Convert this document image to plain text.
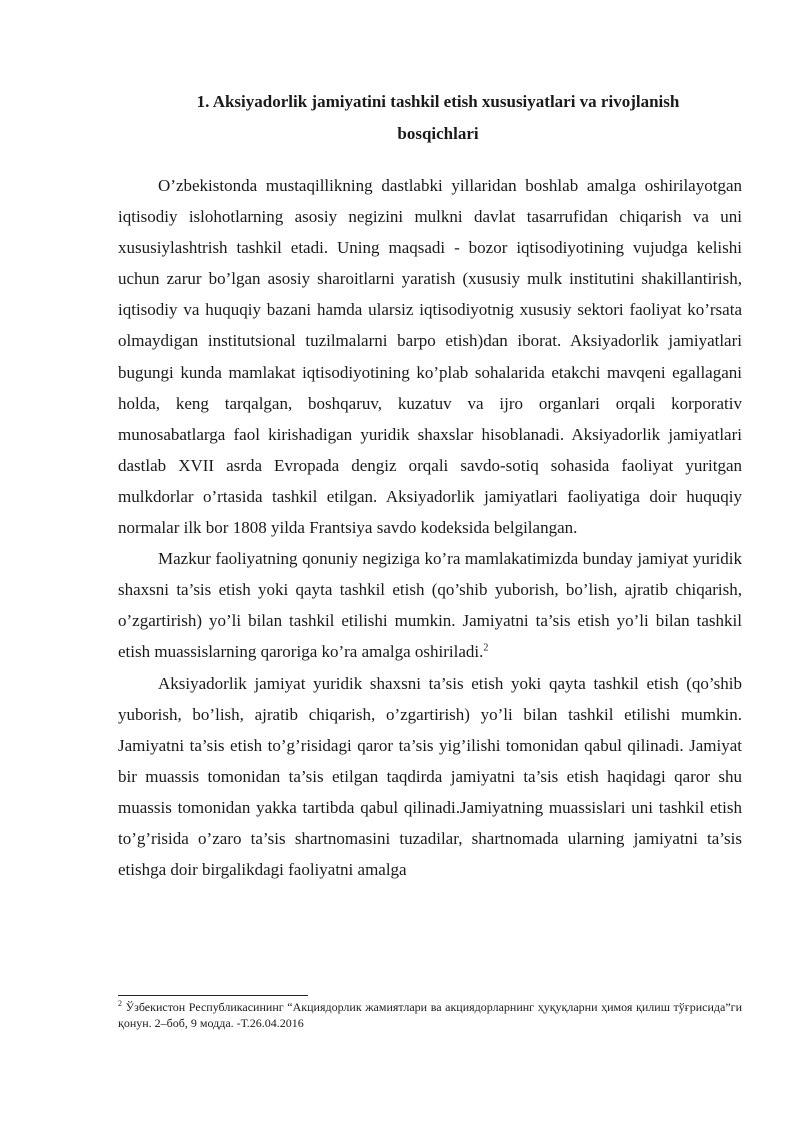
1. Aksiyadorlik jamiyatini tashkil etish xususiyatlari va rivojlanish
bosqichlari

O’zbekistonda mustaqillikning dastlabki yillaridan boshlab amalga oshirilayotgan iqtisodiy islohotlarning asosiy negizini mulkni davlat tasarrufidan chiqarish va uni xususiylashtrish tashkil etadi. Uning maqsadi - bozor iqtisodiyotining vujudga kelishi uchun zarur bo’lgan asosiy sharoitlarni yaratish (xususiy mulk institutini shakillantirish, iqtisodiy va huquqiy bazani hamda ularsiz iqtisodiyotnig xususiy sektori faoliyat ko’rsata olmaydigan institutsional tuzilmalarni barpo etish)dan iborat. Aksiyadorlik jamiyatlari bugungi kunda mamlakat iqtisodiyotining ko’plab sohalarida etakchi mavqeni egallagani holda, keng tarqalgan, boshqaruv, kuzatuv va ijro organlari orqali korporativ munosabatlarga faol kirishadigan yuridik shaxslar hisoblanadi. Aksiyadorlik jamiyatlari dastlab XVII asrda Evropada dengiz orqali savdo-sotiq sohasida faoliyat yuritgan mulkdorlar o’rtasida tashkil etilgan. Aksiyadorlik jamiyatlari faoliyatiga doir huquqiy normalar ilk bor 1808 yilda Frantsiya savdo kodeksida belgilangan.

Mazkur faoliyatning qonuniy negiziga ko’ra mamlakatimizda bunday jamiyat yuridik shaxsni ta’sis etish yoki qayta tashkil etish (qo’shib yuborish, bo’lish, ajratib chiqarish, o’zgartirish) yo’li bilan tashkil etilishi mumkin. Jamiyatni ta’sis etish yo’li bilan tashkil etish muassislarning qaroriga ko’ra amalga oshiriladi.$^2$

Aksiyadorlik jamiyat yuridik shaxsni ta’sis etish yoki qayta tashkil etish (qo’shib yuborish, bo’lish, ajratib chiqarish, o’zgartirish) yo’li bilan tashkil etilishi mumkin. Jamiyatni ta’sis etish to’g’risidagi qaror ta’sis yig’ilishi tomonidan qabul qilinadi. Jamiyat bir muassis tomonidan ta’sis etilgan taqdirda jamiyatni ta’sis etish haqidagi qaror shu muassis tomonidan yakka tartibda qabul qilinadi.Jamiyatning muassislari uni tashkil etish to’g’risida o’zaro ta’sis shartnomasini tuzadilar, shartnomada ularning jamiyatni ta’sis etishga doir birgalikdagi faoliyatni amalga

$^2$ Ўзбекистон Республикасининг “Акциядорлик жамиятлари ва акциядорларнинг ҳуқуқларни ҳимоя қилиш тўғрисида”ги қонун. 2–боб, 9 модда. -Т.26.04.2016
